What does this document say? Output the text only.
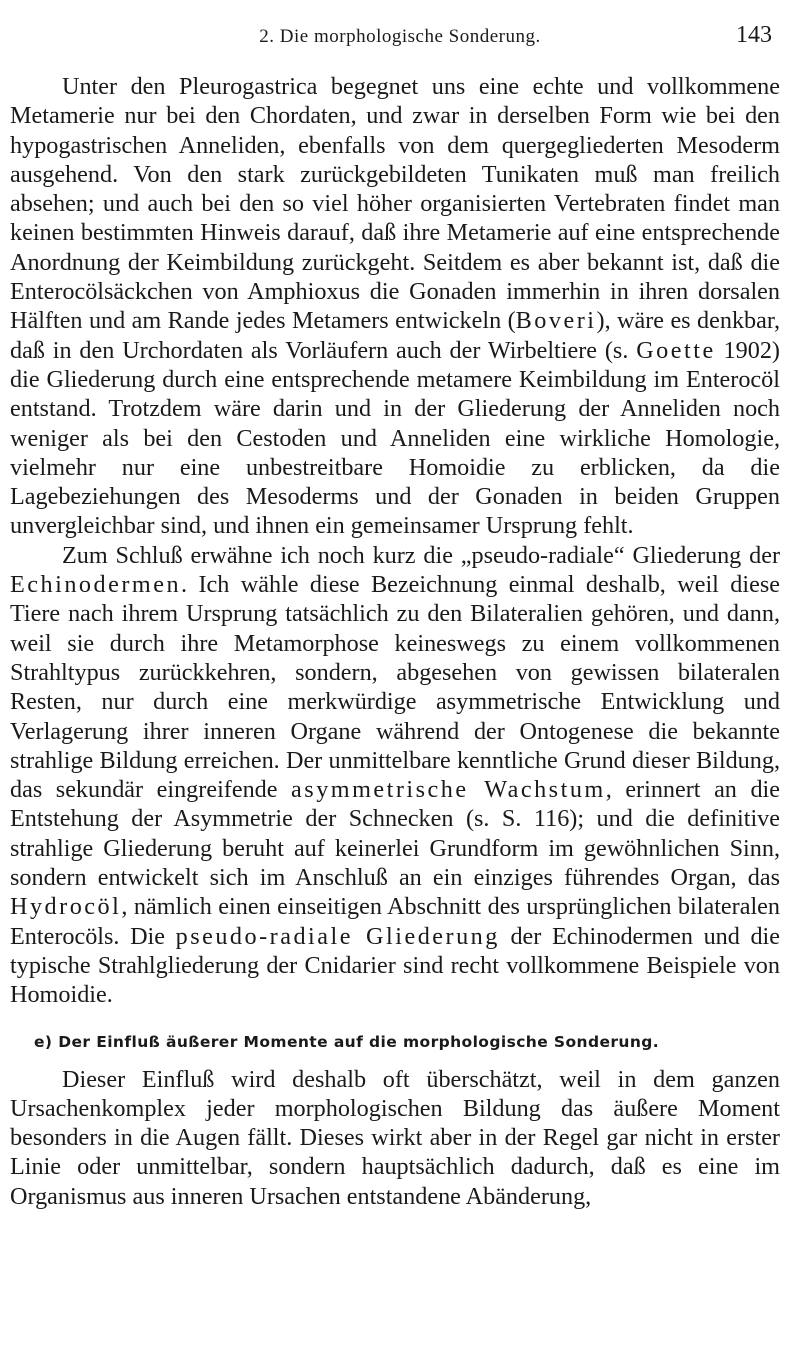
2. Die morphologische Sonderung.	143

Unter den Pleurogastrica begegnet uns eine echte und vollkommene Metamerie nur bei den Chordaten, und zwar in derselben Form wie bei den hypogastrischen Anneliden, ebenfalls von dem quergegliederten Mesoderm ausgehend. Von den stark zurückgebildeten Tunikaten muß man freilich absehen; und auch bei den so viel höher organisierten Vertebraten findet man keinen bestimmten Hinweis darauf, daß ihre Metamerie auf eine entsprechende Anordnung der Keimbildung zurückgeht. Seitdem es aber bekannt ist, daß die Enterocölsäckchen von Amphioxus die Gonaden immerhin in ihren dorsalen Hälften und am Rande jedes Metamers entwickeln (Boveri), wäre es denkbar, daß in den Urchordaten als Vorläufern auch der Wirbeltiere (s. Goette 1902) die Gliederung durch eine entsprechende metamere Keimbildung im Enterocöl entstand. Trotzdem wäre darin und in der Gliederung der Anneliden noch weniger als bei den Cestoden und Anneliden eine wirkliche Homologie, vielmehr nur eine unbestreitbare Homoidie zu erblicken, da die Lagebeziehungen des Mesoderms und der Gonaden in beiden Gruppen unvergleichbar sind, und ihnen ein gemeinsamer Ursprung fehlt.

Zum Schluß erwähne ich noch kurz die „pseudo-radiale“ Gliederung der Echinodermen. Ich wähle diese Bezeichnung einmal deshalb, weil diese Tiere nach ihrem Ursprung tatsächlich zu den Bilateralien gehören, und dann, weil sie durch ihre Metamorphose keineswegs zu einem vollkommenen Strahltypus zurückkehren, sondern, abgesehen von gewissen bilateralen Resten, nur durch eine merkwürdige asymmetrische Entwicklung und Verlagerung ihrer inneren Organe während der Ontogenese die bekannte strahlige Bildung erreichen. Der unmittelbare kenntliche Grund dieser Bildung, das sekundär eingreifende asymmetrische Wachstum, erinnert an die Entstehung der Asymmetrie der Schnecken (s. S. 116); und die definitive strahlige Gliederung beruht auf keinerlei Grundform im gewöhnlichen Sinn, sondern entwickelt sich im Anschluß an ein einziges führendes Organ, das Hydrocöl, nämlich einen einseitigen Abschnitt des ursprünglichen bilateralen Enterocöls. Die pseudo-radiale Gliederung der Echinodermen und die typische Strahlgliederung der Cnidarier sind recht vollkommene Beispiele von Homoidie.

e) Der Einfluß äußerer Momente auf die morphologische Sonderung.

Dieser Einfluß wird deshalb oft überschätzt, weil in dem ganzen Ursachenkomplex jeder morphologischen Bildung das äußere Moment besonders in die Augen fällt. Dieses wirkt aber in der Regel gar nicht in erster Linie oder unmittelbar, sondern hauptsächlich dadurch, daß es eine im Organismus aus inneren Ursachen entstandene Abänderung,
